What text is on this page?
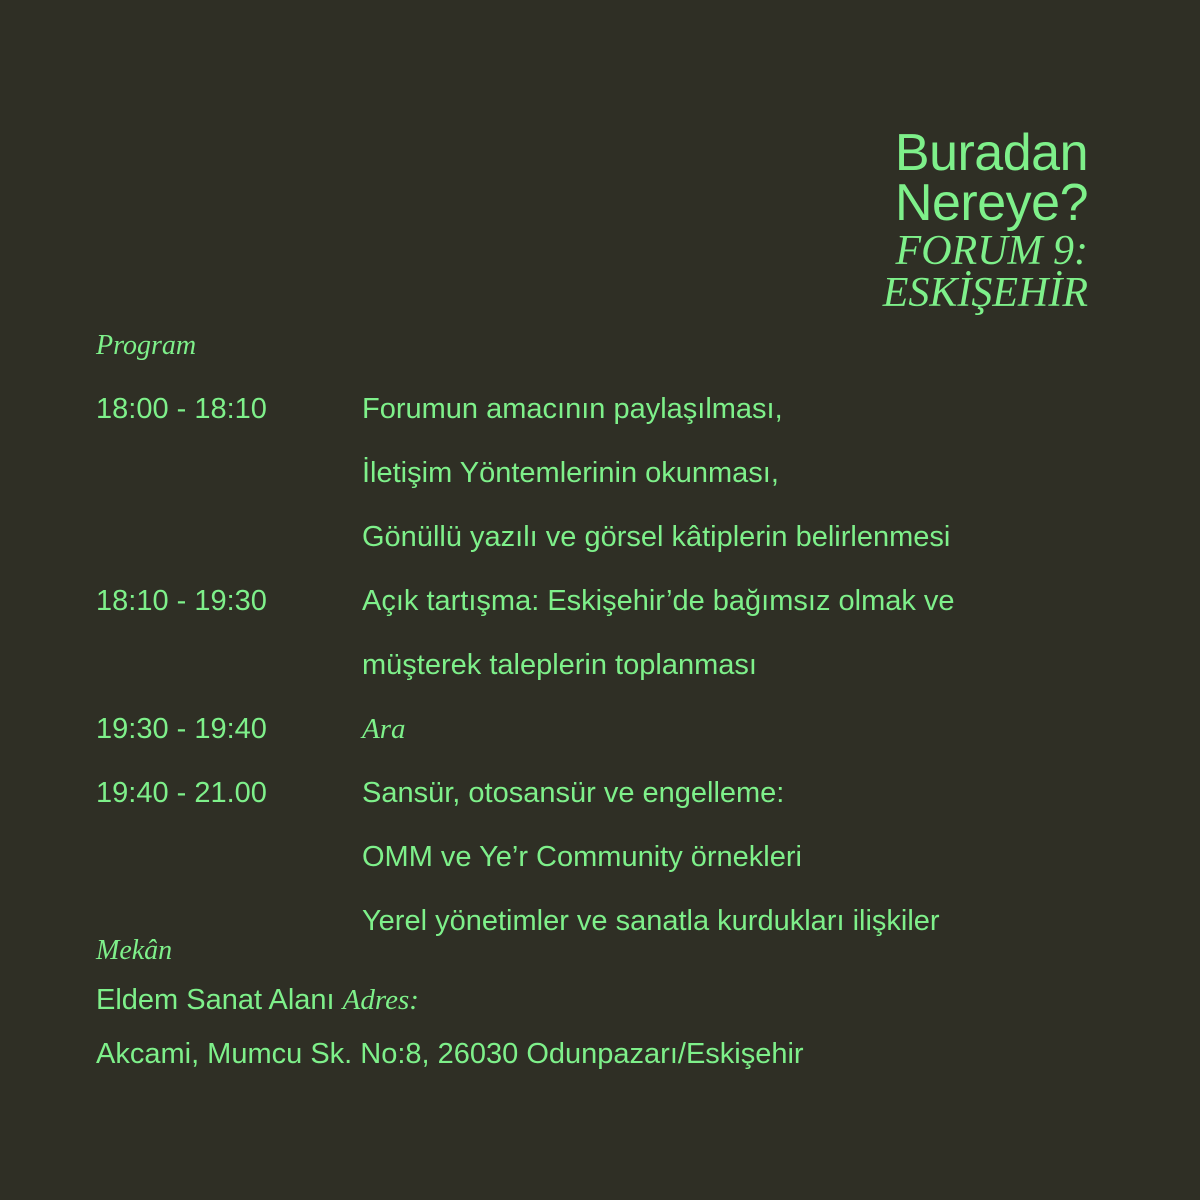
Buradan
Nereye?
FORUM 9:
ESKİŞEHİR
Program
18:00 - 18:10	Forumun amacının paylaşılması,
İletişim Yöntemlerinin okunması,
Gönüllü yazılı ve görsel kâtiplerin belirlenmesi
18:10 - 19:30	Açık tartışma: Eskişehir’de bağımsız olmak ve
müşterek taleplerin toplanması
19:30 - 19:40	Ara
19:40 - 21.00	Sansür, otosansür ve engelleme:
OMM ve Ye’r Community örnekleri
Yerel yönetimler ve sanatla kurdukları ilişkiler
Mekân
Eldem Sanat Alanı Adres:
Akcami, Mumcu Sk. No:8, 26030 Odunpazarı/Eskişehir
